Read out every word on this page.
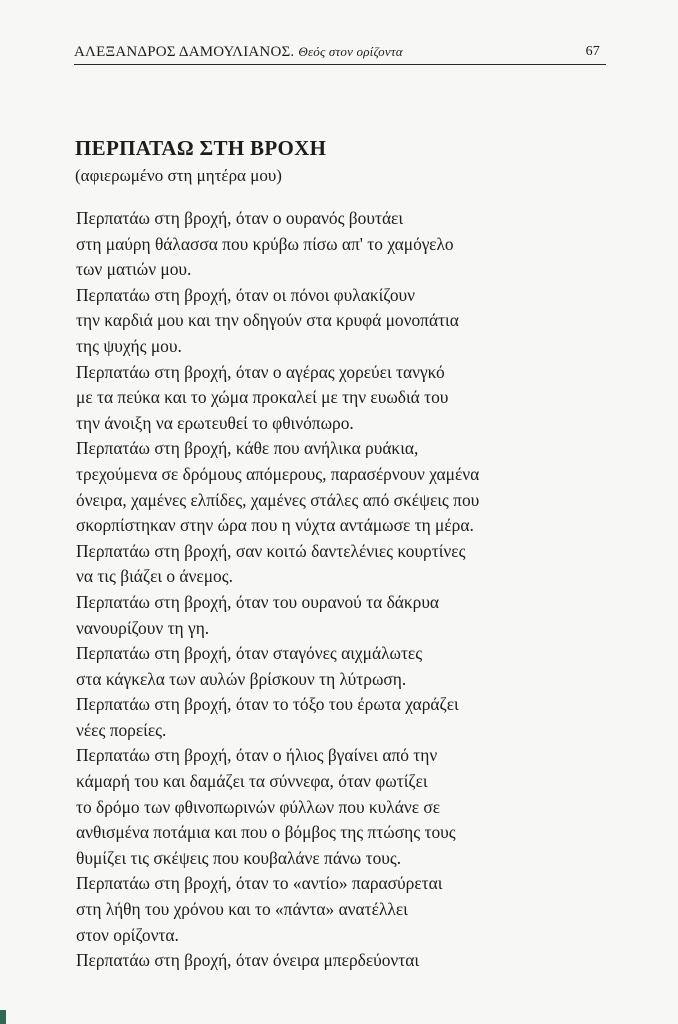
ΑΛΕΞΑΝΔΡΟΣ ΔΑΜΟΥΛΙΑΝΟΣ. Θεός στον ορίζοντα	67
ΠΕΡΠΑΤΑΩ ΣΤΗ ΒΡΟΧΗ
(αφιερωμένο στη μητέρα μου)
Περπατάω στη βροχή, όταν ο ουρανός βουτάει
στη μαύρη θάλασσα που κρύβω πίσω απ' το χαμόγελο
των ματιών μου.
Περπατάω στη βροχή, όταν οι πόνοι φυλακίζουν
την καρδιά μου και την οδηγούν στα κρυφά μονοπάτια
της ψυχής μου.
Περπατάω στη βροχή, όταν ο αγέρας χορεύει τανγκό
με τα πεύκα και το χώμα προκαλεί με την ευωδιά του
την άνοιξη να ερωτευθεί το φθινόπωρο.
Περπατάω στη βροχή, κάθε που ανήλικα ρυάκια,
τρεχούμενα σε δρόμους απόμερους, παρασέρνουν χαμένα
όνειρα, χαμένες ελπίδες, χαμένες στάλες από σκέψεις που
σκορπίστηκαν στην ώρα που η νύχτα αντάμωσε τη μέρα.
Περπατάω στη βροχή, σαν κοιτώ δαντελένιες κουρτίνες
να τις βιάζει ο άνεμος.
Περπατάω στη βροχή, όταν του ουρανού τα δάκρυα
νανουρίζουν τη γη.
Περπατάω στη βροχή, όταν σταγόνες αιχμάλωτες
στα κάγκελα των αυλών βρίσκουν τη λύτρωση.
Περπατάω στη βροχή, όταν το τόξο του έρωτα χαράζει
νέες πορείες.
Περπατάω στη βροχή, όταν ο ήλιος βγαίνει από την
κάμαρή του και δαμάζει τα σύννεφα, όταν φωτίζει
το δρόμο των φθινοπωρινών φύλλων που κυλάνε σε
ανθισμένα ποτάμια και που ο βόμβος της πτώσης τους
θυμίζει τις σκέψεις που κουβαλάνε πάνω τους.
Περπατάω στη βροχή, όταν το «αντίο» παρασύρεται
στη λήθη του χρόνου και το «πάντα» ανατέλλει
στον ορίζοντα.
Περπατάω στη βροχή, όταν όνειρα μπερδεύονται
